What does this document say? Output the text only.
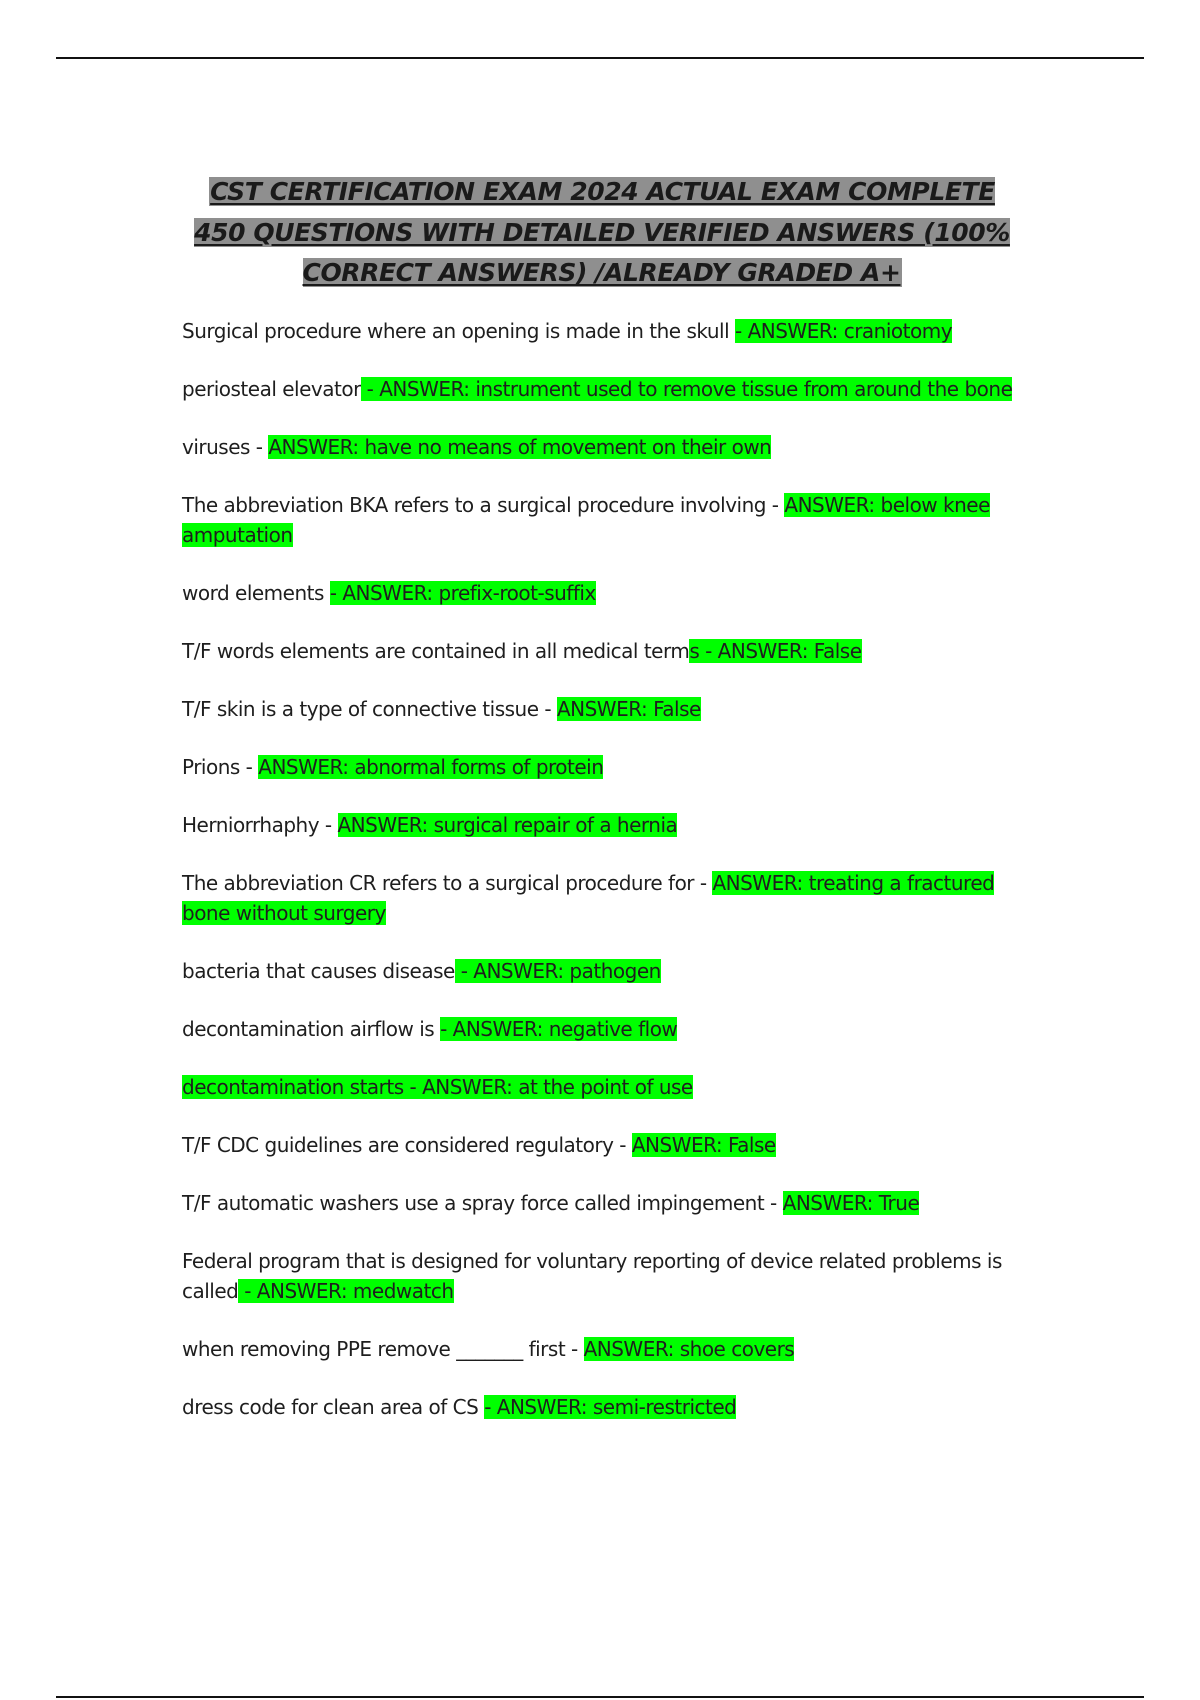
CST CERTIFICATION EXAM 2024 ACTUAL EXAM COMPLETE 450 QUESTIONS WITH DETAILED VERIFIED ANSWERS (100% CORRECT ANSWERS) /ALREADY GRADED A+

Surgical procedure where an opening is made in the skull - ANSWER: craniotomy

periosteal elevator - ANSWER: instrument used to remove tissue from around the bone

viruses - ANSWER: have no means of movement on their own

The abbreviation BKA refers to a surgical procedure involving - ANSWER: below knee amputation

word elements - ANSWER: prefix-root-suffix

T/F words elements are contained in all medical terms - ANSWER: False

T/F skin is a type of connective tissue - ANSWER: False

Prions - ANSWER: abnormal forms of protein

Herniorrhaphy - ANSWER: surgical repair of a hernia

The abbreviation CR refers to a surgical procedure for - ANSWER: treating a fractured bone without surgery

bacteria that causes disease - ANSWER: pathogen

decontamination airflow is - ANSWER: negative flow

decontamination starts - ANSWER: at the point of use

T/F CDC guidelines are considered regulatory - ANSWER: False

T/F automatic washers use a spray force called impingement - ANSWER: True

Federal program that is designed for voluntary reporting of device related problems is called - ANSWER: medwatch

when removing PPE remove _______ first - ANSWER: shoe covers

dress code for clean area of CS - ANSWER: semi-restricted
